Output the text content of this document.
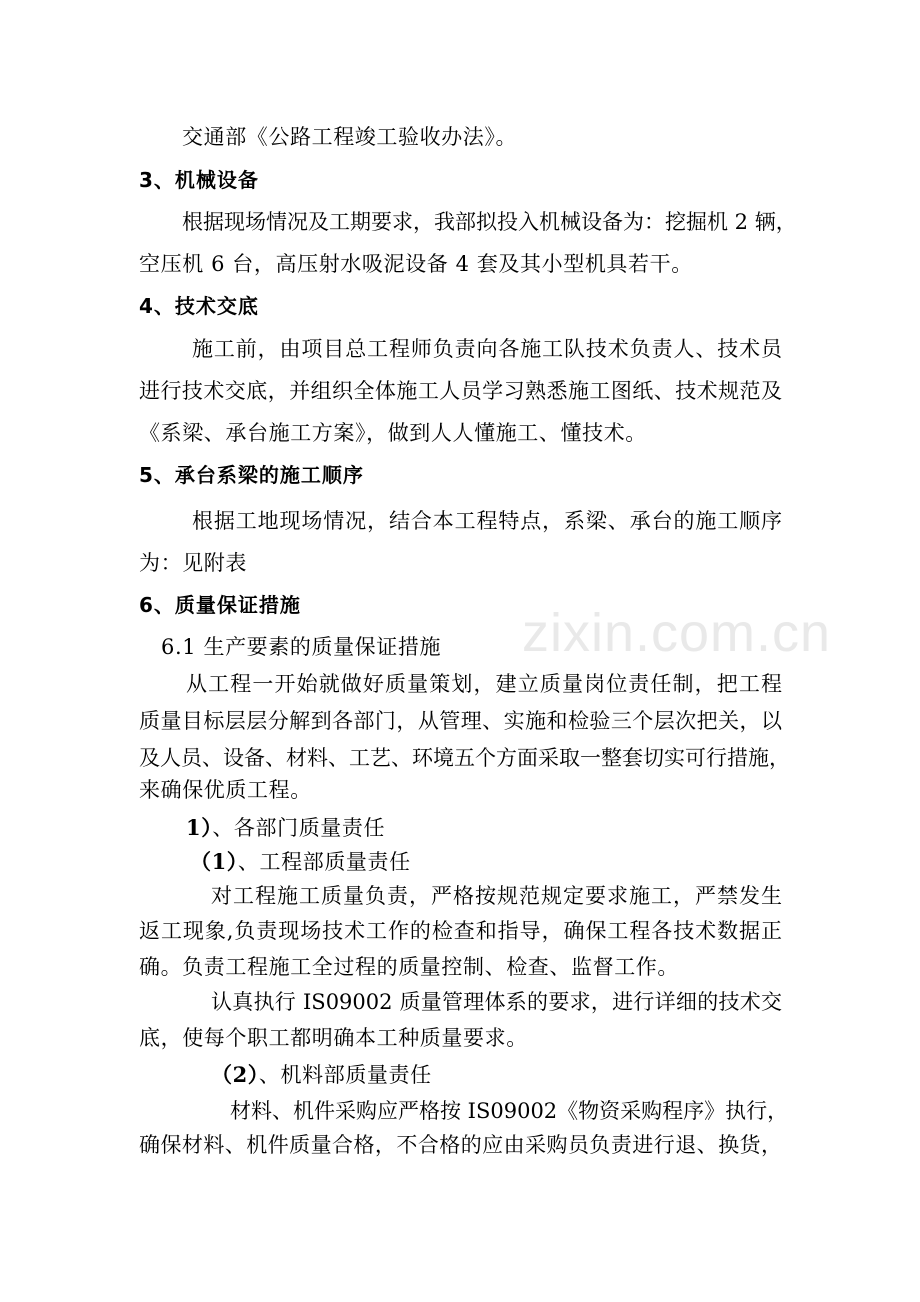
zixin.com.cn
交通部《公路工程竣工验收办法》。
3、机械设备
根据现场情况及工期要求，我部拟投入机械设备为：挖掘机 2 辆，
空压机 6 台，高压射水吸泥设备 4 套及其小型机具若干。
4、技术交底
施工前，由项目总工程师负责向各施工队技术负责人、技术员
进行技术交底，并组织全体施工人员学习熟悉施工图纸、技术规范及
《系梁、承台施工方案》，做到人人懂施工、懂技术。
5、承台系梁的施工顺序
根据工地现场情况，结合本工程特点，系梁、承台的施工顺序
为：见附表
6、质量保证措施
6.1 生产要素的质量保证措施
从工程一开始就做好质量策划，建立质量岗位责任制，把工程
质量目标层层分解到各部门，从管理、实施和检验三个层次把关，以
及人员、设备、材料、工艺、环境五个方面采取一整套切实可行措施，
来确保优质工程。
1）、各部门质量责任
（1）、工程部质量责任
对工程施工质量负责，严格按规范规定要求施工，严禁发生
返工现象,负责现场技术工作的检查和指导，确保工程各技术数据正
确。负责工程施工全过程的质量控制、检查、监督工作。
认真执行 IS09002 质量管理体系的要求，进行详细的技术交
底，使每个职工都明确本工种质量要求。
（2）、机料部质量责任
材料、机件采购应严格按 IS09002《物资采购程序》执行，
确保材料、机件质量合格，不合格的应由采购员负责进行退、换货，
